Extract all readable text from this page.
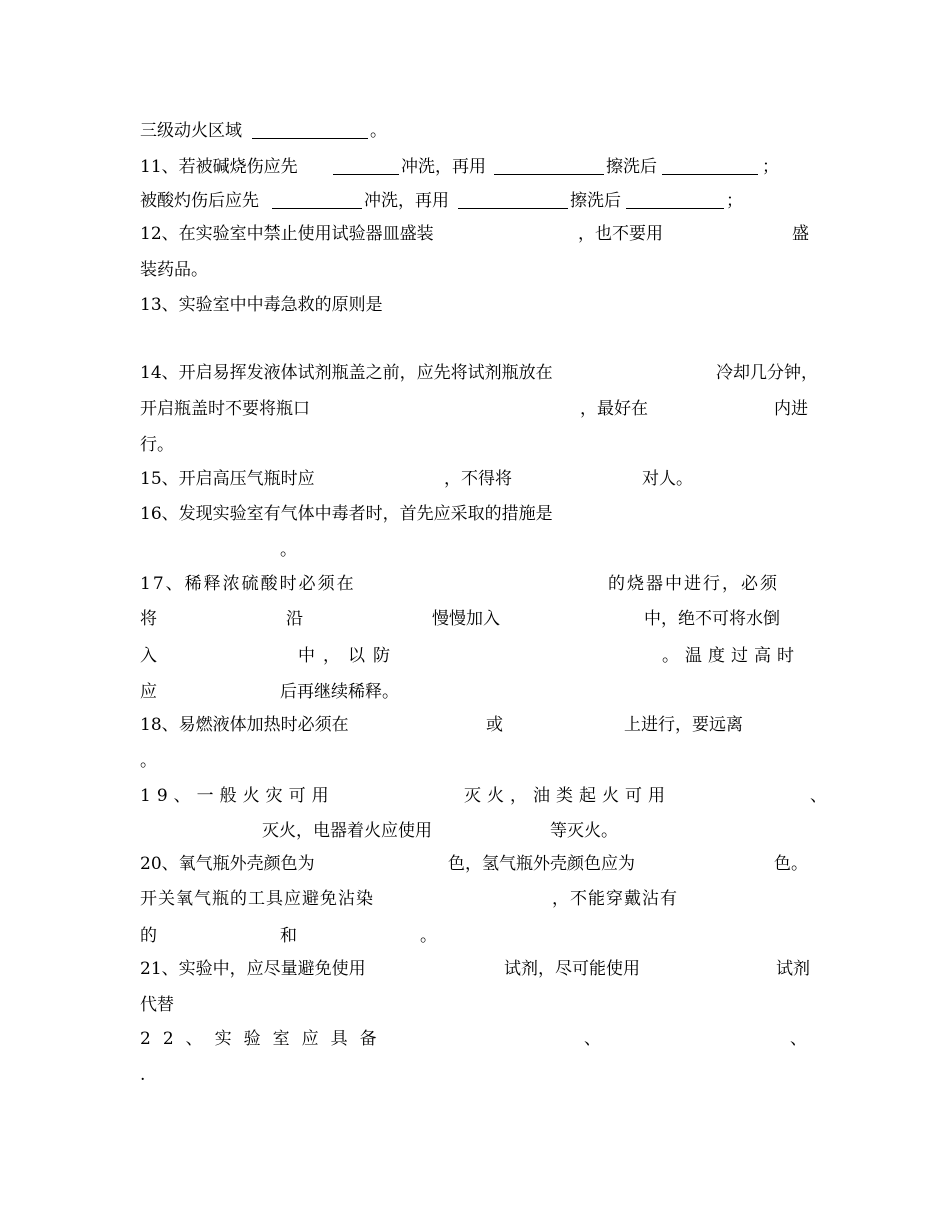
三级动火区域	。
11、若被碱烧伤应先	冲洗，再用	擦洗后	；
被酸灼伤后应先	冲洗，再用	擦洗后	；
12、在实验室中禁止使用试验器皿盛装	，也不要用	盛
装药品。
13、实验室中中毒急救的原则是
14、开启易挥发液体试剂瓶盖之前，应先将试剂瓶放在	冷却几分钟，
开启瓶盖时不要将瓶口	，最好在	内进
行。
15、开启高压气瓶时应	，不得将	对人。
16、发现实验室有气体中毒者时，首先应采取的措施是
。
17、稀释浓硫酸时必须在	的烧器中进行，必须
将	沿	慢慢加入	中，绝不可将水倒
入	中，以防	。温度过高时
应	后再继续稀释。
18、易燃液体加热时必须在	或	上进行，要远离
。
19、一般火灾可用	灭火，油类起火可用	、
灭火，电器着火应使用	等灭火。
20、氧气瓶外壳颜色为	色，氢气瓶外壳颜色应为	色。
开关氧气瓶的工具应避免沾染	，不能穿戴沾有
的	和	。
21、实验中，应尽量避免使用	试剂，尽可能使用	试剂
代替
22、实验室应具备	、	、
.
